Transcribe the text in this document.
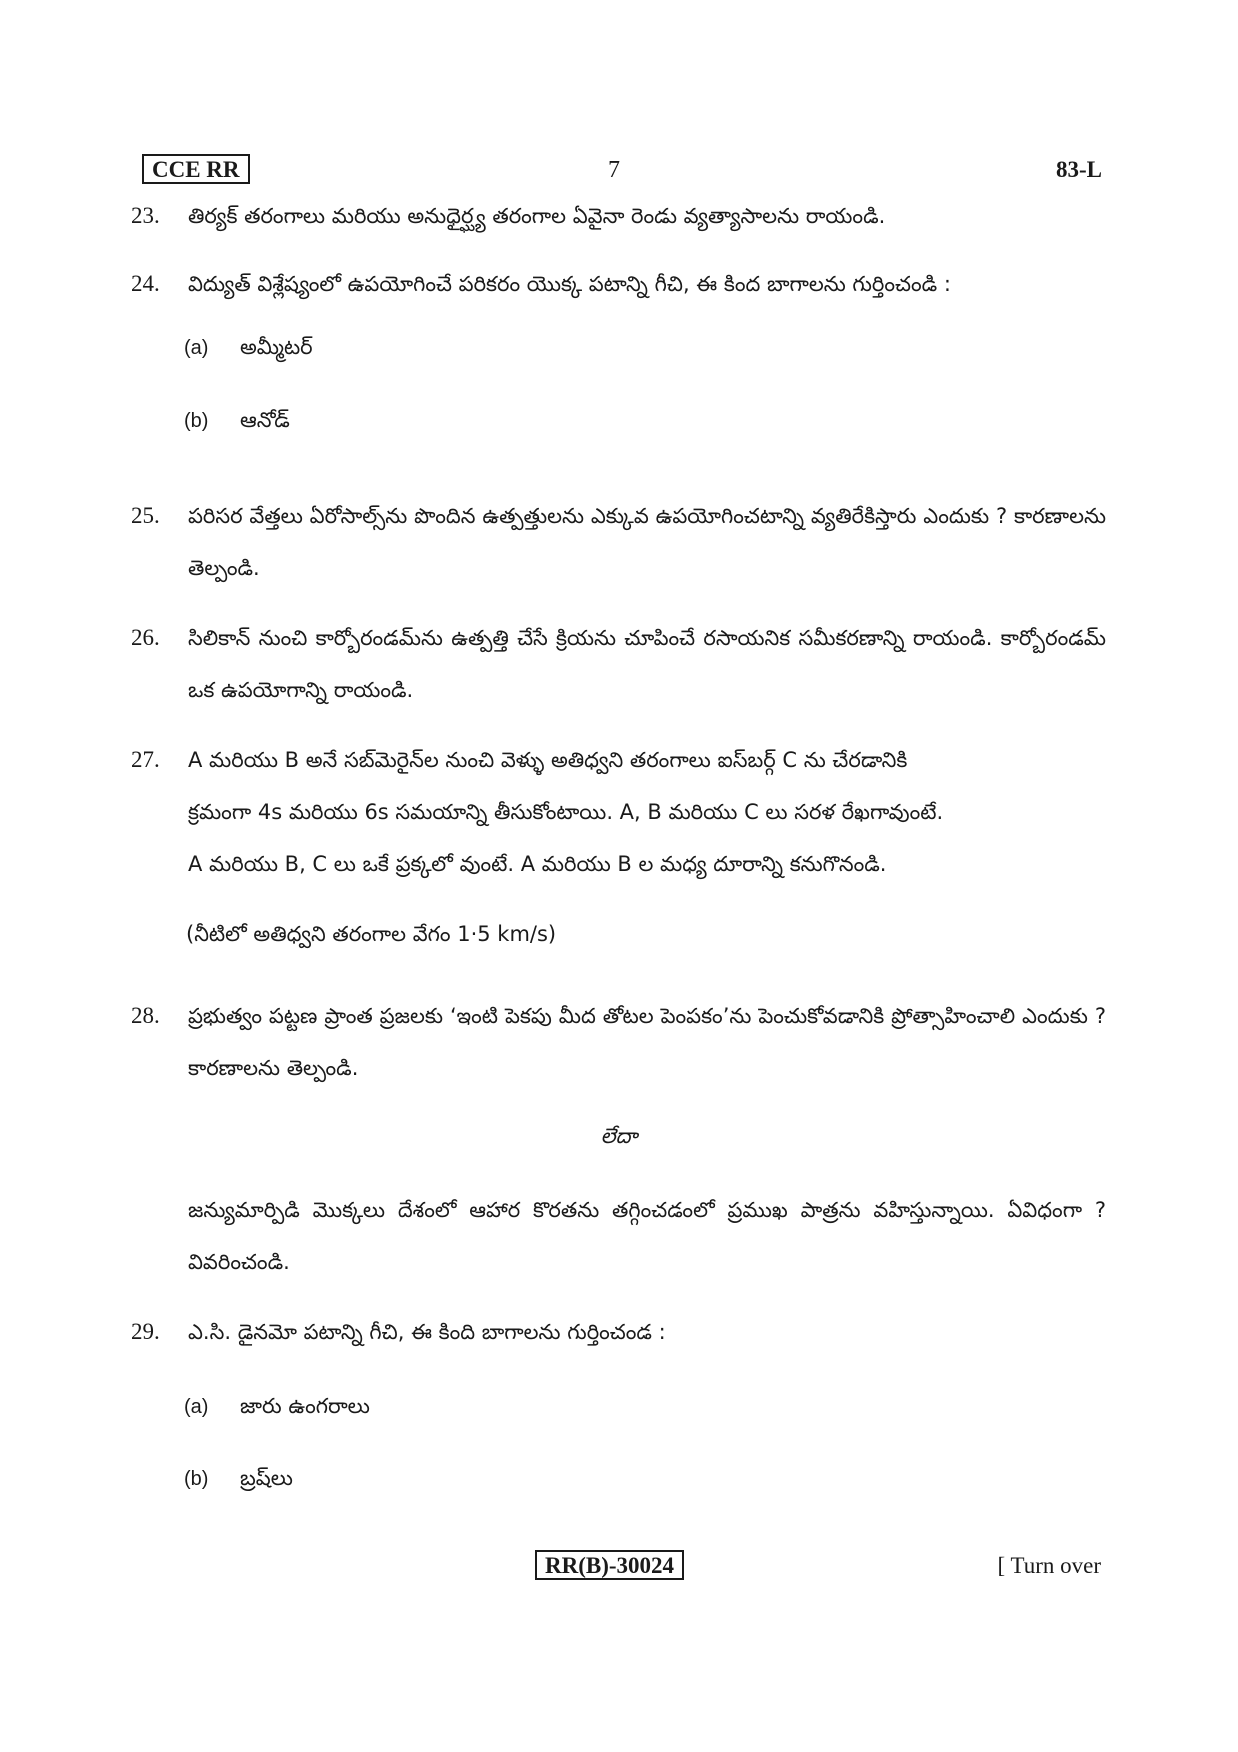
CCE RR	7	83-L
23. తిర్యక్ తరంగాలు మరియు అనుధైర్ఘ్య తరంగాల ఏవైనా రెండు వ్యత్యాసాలను రాయండి.
24. విద్యుత్ విశ్లేష్యంలో ఉపయోగించే పరికరం యొక్క పటాన్ని గీచి, ఈ కింద బాగాలను గుర్తించండి :
(a) అమ్మీటర్
(b) ఆనోడ్
25. పరిసర వేత్తలు ఏరోసాల్స్‌ను పొందిన ఉత్పత్తులను ఎక్కువ ఉపయోగించటాన్ని వ్యతిరేకిస్తారు ఎందుకు ? కారణాలను తెల్పండి.
26. సిలికాన్ నుంచి కార్బోరండమ్‌ను ఉత్పత్తి చేసే క్రియను చూపించే రసాయనిక సమీకరణాన్ని రాయండి. కార్బోరండమ్ ఒక ఉపయోగాన్ని రాయండి.
27. A మరియు B అనే సబ్‌మెరైన్‌ల నుంచి వెళ్ళు అతిధ్వని తరంగాలు ఐస్‌బర్గ్ C ను చేరడానికి
క్రమంగా 4s మరియు 6s సమయాన్ని తీసుకోంటాయి. A, B మరియు C లు సరళ రేఖగావుంటే.
A మరియు B, C లు ఒకే ప్రక్కలో వుంటే. A మరియు B ల మధ్య దూరాన్ని కనుగొనండి.
(నీటిలో అతిధ్వని తరంగాల వేగం 1·5 km/s)
28. ప్రభుత్వం పట్టణ ప్రాంత ప్రజలకు ‘ఇంటి పెకపు మీద తోటల పెంపకం’ను పెంచుకోవడానికి ప్రోత్సాహించాలి ఎందుకు ? కారణాలను తెల్పండి.
లేదా
జన్యుమార్పిడి మొక్కలు దేశంలో ఆహార కొరతను తగ్గించడంలో ప్రముఖ పాత్రను వహిస్తున్నాయి. ఏవిధంగా ? వివరించండి.
29. ఎ.సి. డైనమో పటాన్ని గీచి, ఈ కింది బాగాలను గుర్తించండ :
(a) జారు ఉంగరాలు
(b) బ్రష్‌లు
RR(B)-30024	[ Turn over
